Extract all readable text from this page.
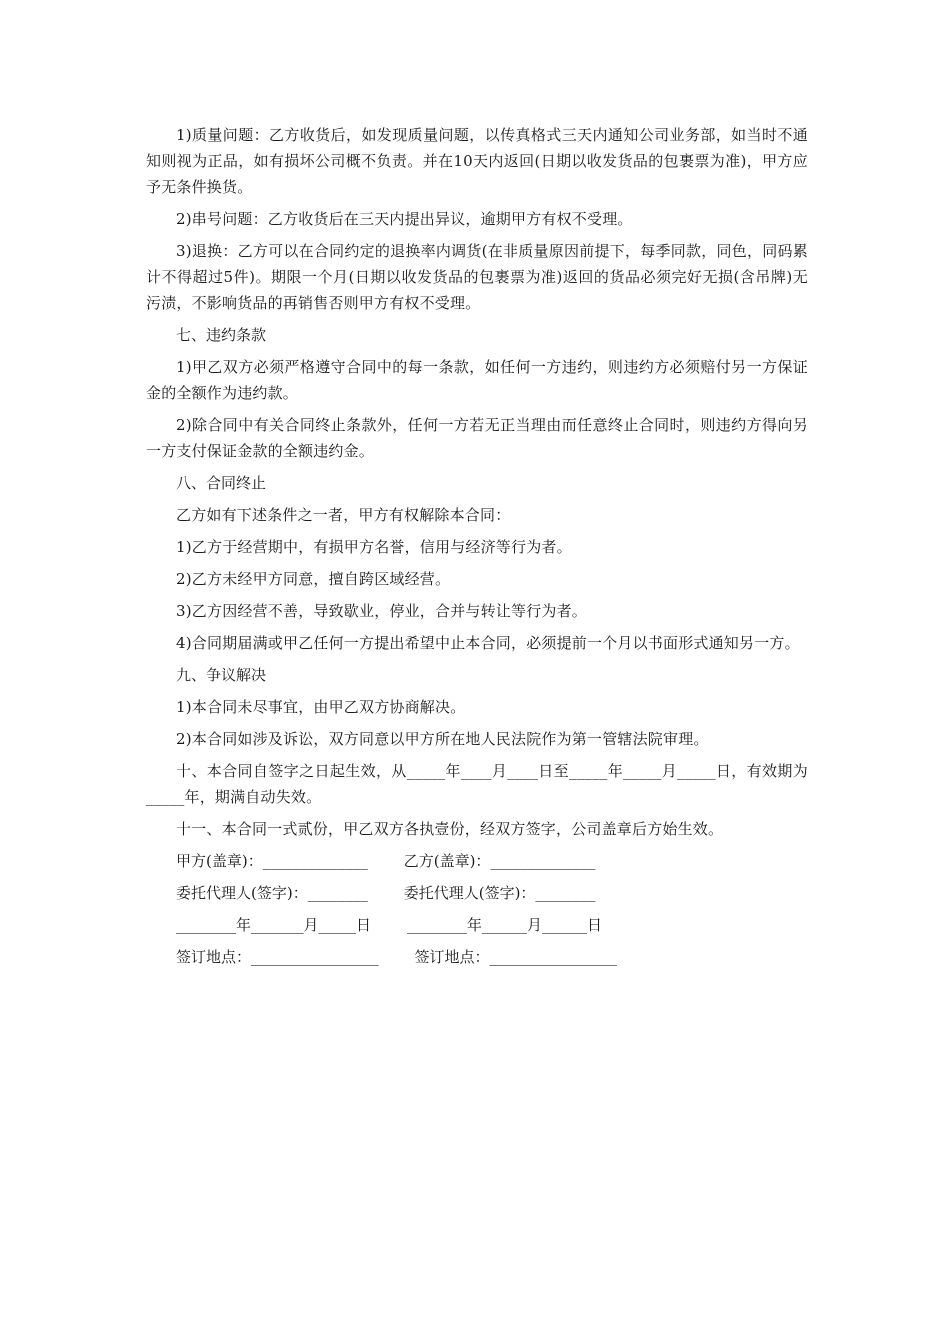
1)质量问题：乙方收货后，如发现质量问题，以传真格式三天内通知公司业务部，如当时不通知则视为正品，如有损坏公司概不负责。并在10天内返回(日期以收发货品的包裹票为准)，甲方应予无条件换货。

2)串号问题：乙方收货后在三天内提出异议，逾期甲方有权不受理。

3)退换：乙方可以在合同约定的退换率内调货(在非质量原因前提下，每季同款，同色，同码累计不得超过5件)。期限一个月(日期以收发货品的包裹票为准)返回的货品必须完好无损(含吊牌)无污渍，不影响货品的再销售否则甲方有权不受理。

七、违约条款

1)甲乙双方必须严格遵守合同中的每一条款，如任何一方违约，则违约方必须赔付另一方保证金的全额作为违约款。

2)除合同中有关合同终止条款外，任何一方若无正当理由而任意终止合同时，则违约方得向另一方支付保证金款的全额违约金。

八、合同终止

乙方如有下述条件之一者，甲方有权解除本合同：

1)乙方于经营期中，有损甲方名誉，信用与经济等行为者。

2)乙方未经甲方同意，擅自跨区域经营。

3)乙方因经营不善，导致歇业，停业，合并与转让等行为者。

4)合同期届满或甲乙任何一方提出希望中止本合同，必须提前一个月以书面形式通知另一方。

九、争议解决

1)本合同未尽事宜，由甲乙双方协商解决。

2)本合同如涉及诉讼，双方同意以甲方所在地人民法院作为第一管辖法院审理。

十、本合同自签字之日起生效，从_____年____月____日至_____年_____月_____日，有效期为_____年，期满自动失效。

十一、本合同一式贰份，甲乙双方各执壹份，经双方签字，公司盖章后方始生效。

甲方(盖章)：______________ 乙方(盖章)：______________
委托代理人(签字)：________ 委托代理人(签字)：________
________年_______月_____日 ________年______月______日
签订地点：_________________ 签订地点：_________________
